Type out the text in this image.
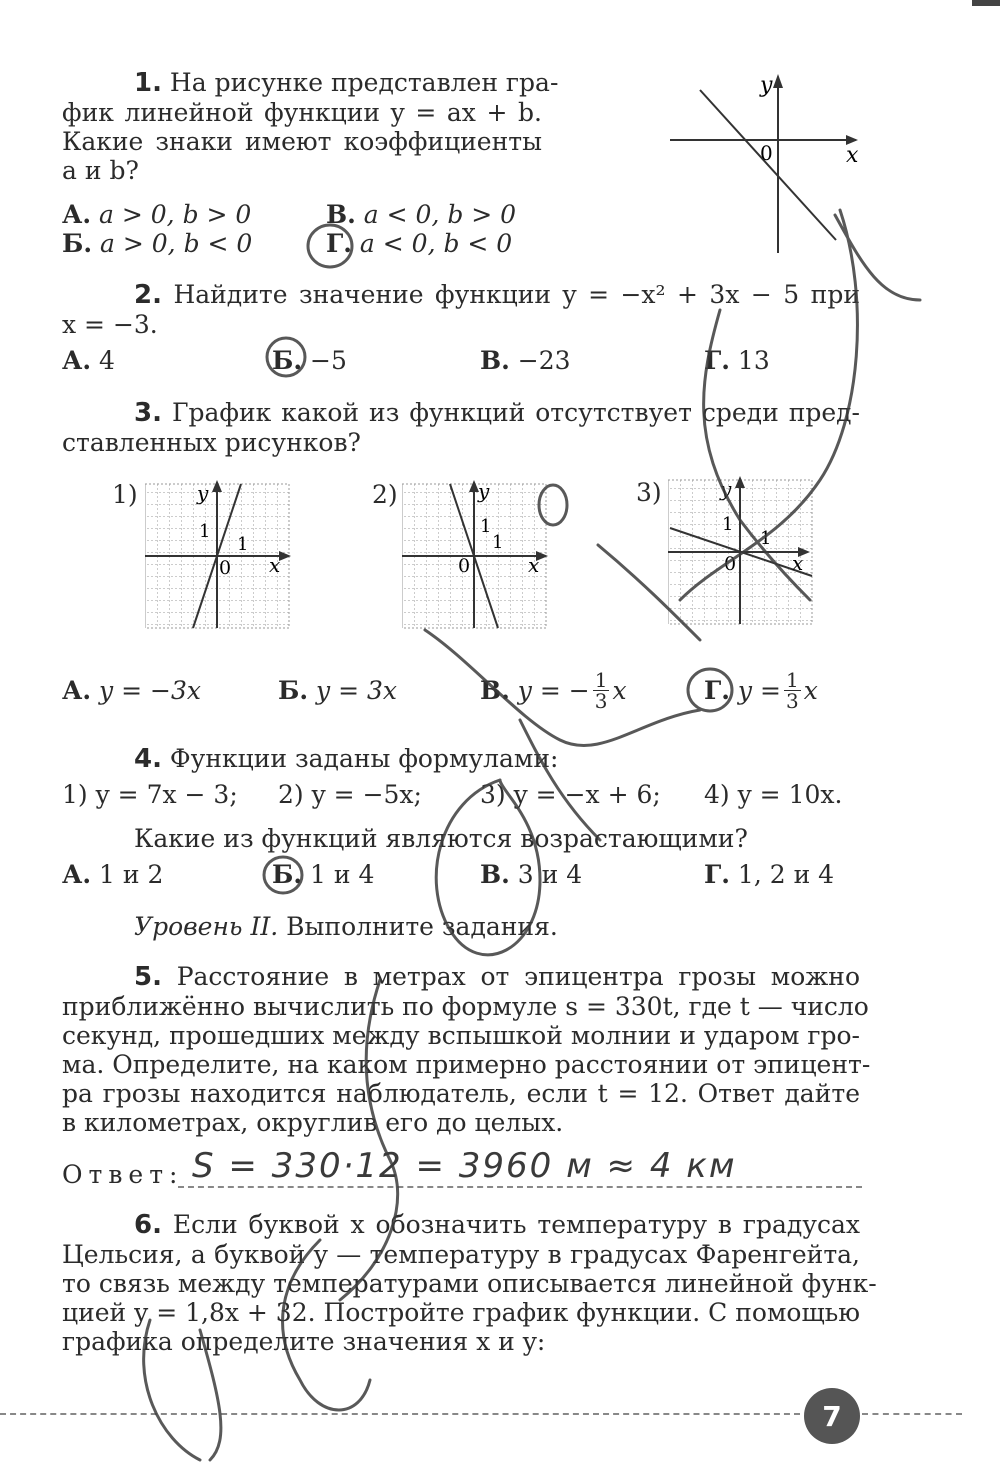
1. На рисунке представлен гра-
фик линейной функции y = ax + b.
Какие знаки имеют коэффициенты
a и b?
y
x
0
А. a > 0, b > 0	В. a < 0, b > 0
Б. a > 0, b < 0	Г. a < 0, b < 0
2. Найдите значение функции y = −x² + 3x − 5 при
x = −3.
А. 4	Б. −5	В. −23	Г. 13
3. График какой из функций отсутствует среди пред-
ставленных рисунков?
1)	y
x
0
1
1
2)	y
x
0
1
1
3)	y
x
0
1
1
А. y = −3x	Б. y = 3x	В.
y = − $\frac{1}{3}$ x	Г.
$y = \frac{1}{3}$ x
4. Функции заданы формулами:
1) y = 7x − 3; 2) y = −5x; 3) y = −x + 6; 4) y = 10x.
Какие из функций являются возрастающими?
А. 1 и 2	Б. 1 и 4	В. 3 и 4	Г. 1, 2 и 4
Уровень II. Выполните задания.
5. Расстояние в метрах от эпицентра грозы можно
приближённо вычислить по формуле s = 330t, где t — число
секунд, прошедших между вспышкой молнии и ударом гро-
ма. Определите, на каком примерно расстоянии от эпицент-
ра грозы находится наблюдатель, если t = 12. Ответ дайте
в километрах, округлив его до целых.
Ответ: S = 330·12 = 3960 м ≈ 4 км
6. Если буквой x обозначить температуру в градусах
Цельсия, а буквой y — температуру в градусах Фаренгейта,
то связь между температурами описывается линейной функ-
цией y = 1,8x + 32. Постройте график функции. С помощью
графика определите значения x и y:
7
